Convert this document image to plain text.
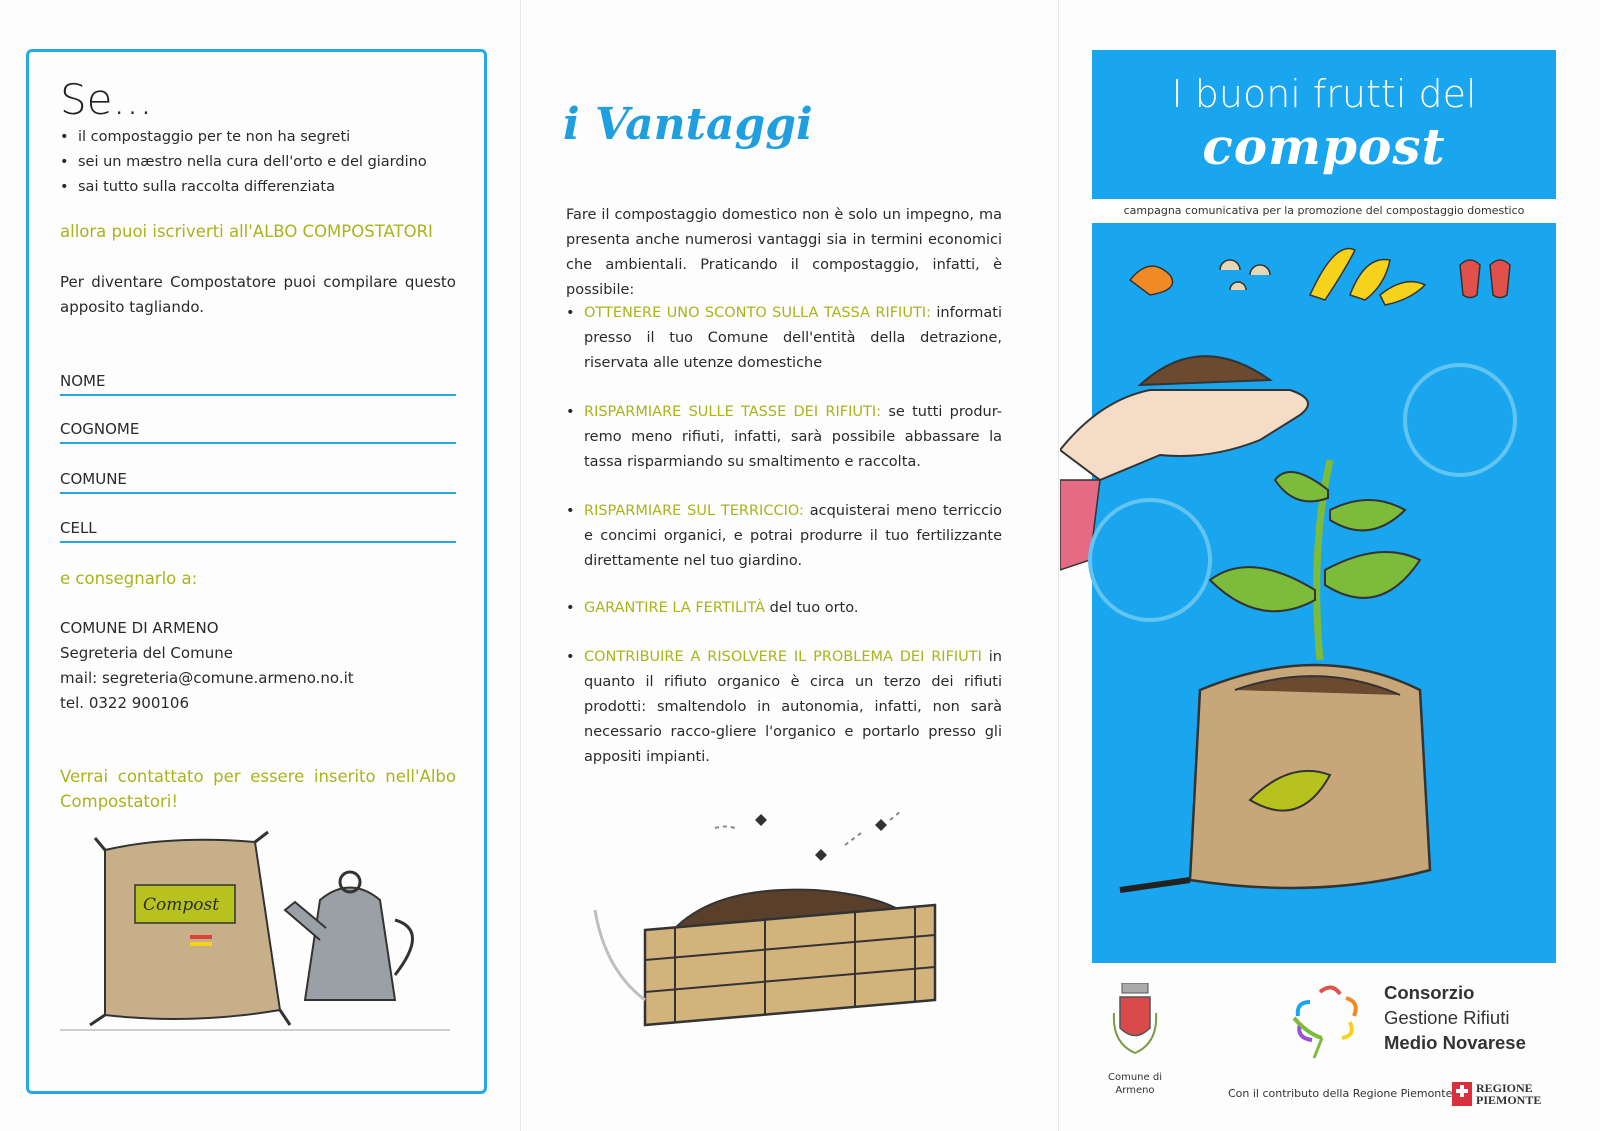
Se...
• il compostaggio per te non ha segreti
• sei un mæstro nella cura dell'orto e del giardino
• sai tutto sulla raccolta differenziata
allora puoi iscriverti all'ALBO COMPOSTATORI
Per diventare Compostatore puoi compilare questo apposito tagliando.
NOME
COGNOME
COMUNE
CELL
e consegnarlo a:
COMUNE DI ARMENO
Segreteria del Comune
mail: segreteria@comune.armeno.no.it
tel. 0322 900106
Verrai contattato per essere inserito nell'Albo Compostatori!
Compost
i Vantaggi
Fare il compostaggio domestico non è solo un impegno, ma presenta anche numerosi vantaggi sia in termini economici che ambientali. Praticando il compostaggio, infatti, è possibile:
• OTTENERE UNO SCONTO SULLA TASSA RIFIUTI: informati presso il tuo Comune dell'entità della detrazione, riservata alle utenze domestiche
• RISPARMIARE SULLE TASSE DEI RIFIUTI: se tutti produr-remo meno rifiuti, infatti, sarà possibile abbassare la tassa risparmiando su smaltimento e raccolta.
• RISPARMIARE SUL TERRICCIO: acquisterai meno terriccio e concimi organici, e potrai produrre il tuo fertilizzante direttamente nel tuo giardino.
• GARANTIRE LA FERTILITÀ del tuo orto.
• CONTRIBUIRE A RISOLVERE IL PROBLEMA DEI RIFIUTI in quanto il rifiuto organico è circa un terzo dei rifiuti prodotti: smaltendolo in autonomia, infatti, non sarà necessario racco-gliere l'organico e portarlo presso gli appositi impianti.
I buoni frutti del
compost
campagna comunicativa per la promozione del compostaggio domestico
Comune di
Armeno
Consorzio
Gestione Rifiuti
Medio Novarese
Con il contributo della Regione Piemonte REGIONE
PIEMONTE
